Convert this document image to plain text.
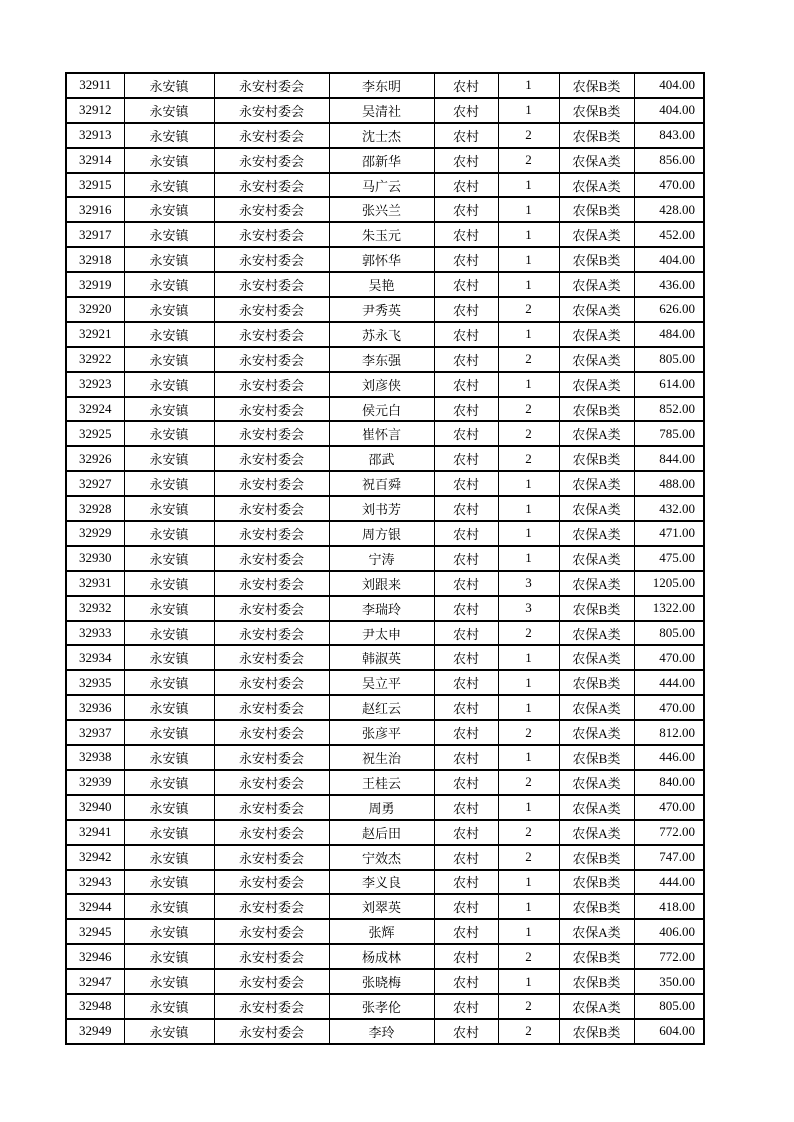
32911	永安镇	永安村委会	李东明	农村	1	农保B类	404.00
32912	永安镇	永安村委会	吴清社	农村	1	农保B类	404.00
32913	永安镇	永安村委会	沈士杰	农村	2	农保B类	843.00
32914	永安镇	永安村委会	邵新华	农村	2	农保A类	856.00
32915	永安镇	永安村委会	马广云	农村	1	农保A类	470.00
32916	永安镇	永安村委会	张兴兰	农村	1	农保B类	428.00
32917	永安镇	永安村委会	朱玉元	农村	1	农保A类	452.00
32918	永安镇	永安村委会	郭怀华	农村	1	农保B类	404.00
32919	永安镇	永安村委会	吴艳	农村	1	农保A类	436.00
32920	永安镇	永安村委会	尹秀英	农村	2	农保A类	626.00
32921	永安镇	永安村委会	苏永飞	农村	1	农保A类	484.00
32922	永安镇	永安村委会	李东强	农村	2	农保A类	805.00
32923	永安镇	永安村委会	刘彦侠	农村	1	农保A类	614.00
32924	永安镇	永安村委会	侯元白	农村	2	农保B类	852.00
32925	永安镇	永安村委会	崔怀言	农村	2	农保A类	785.00
32926	永安镇	永安村委会	邵武	农村	2	农保B类	844.00
32927	永安镇	永安村委会	祝百舜	农村	1	农保A类	488.00
32928	永安镇	永安村委会	刘书芳	农村	1	农保A类	432.00
32929	永安镇	永安村委会	周方银	农村	1	农保A类	471.00
32930	永安镇	永安村委会	宁涛	农村	1	农保A类	475.00
32931	永安镇	永安村委会	刘跟来	农村	3	农保A类	1205.00
32932	永安镇	永安村委会	李瑞玲	农村	3	农保B类	1322.00
32933	永安镇	永安村委会	尹太申	农村	2	农保A类	805.00
32934	永安镇	永安村委会	韩淑英	农村	1	农保A类	470.00
32935	永安镇	永安村委会	吴立平	农村	1	农保B类	444.00
32936	永安镇	永安村委会	赵红云	农村	1	农保A类	470.00
32937	永安镇	永安村委会	张彦平	农村	2	农保A类	812.00
32938	永安镇	永安村委会	祝生治	农村	1	农保B类	446.00
32939	永安镇	永安村委会	王桂云	农村	2	农保A类	840.00
32940	永安镇	永安村委会	周勇	农村	1	农保A类	470.00
32941	永安镇	永安村委会	赵后田	农村	2	农保A类	772.00
32942	永安镇	永安村委会	宁效杰	农村	2	农保B类	747.00
32943	永安镇	永安村委会	李义良	农村	1	农保B类	444.00
32944	永安镇	永安村委会	刘翠英	农村	1	农保B类	418.00
32945	永安镇	永安村委会	张辉	农村	1	农保A类	406.00
32946	永安镇	永安村委会	杨成林	农村	2	农保B类	772.00
32947	永安镇	永安村委会	张晓梅	农村	1	农保B类	350.00
32948	永安镇	永安村委会	张孝伦	农村	2	农保A类	805.00
32949	永安镇	永安村委会	李玲	农村	2	农保B类	604.00
